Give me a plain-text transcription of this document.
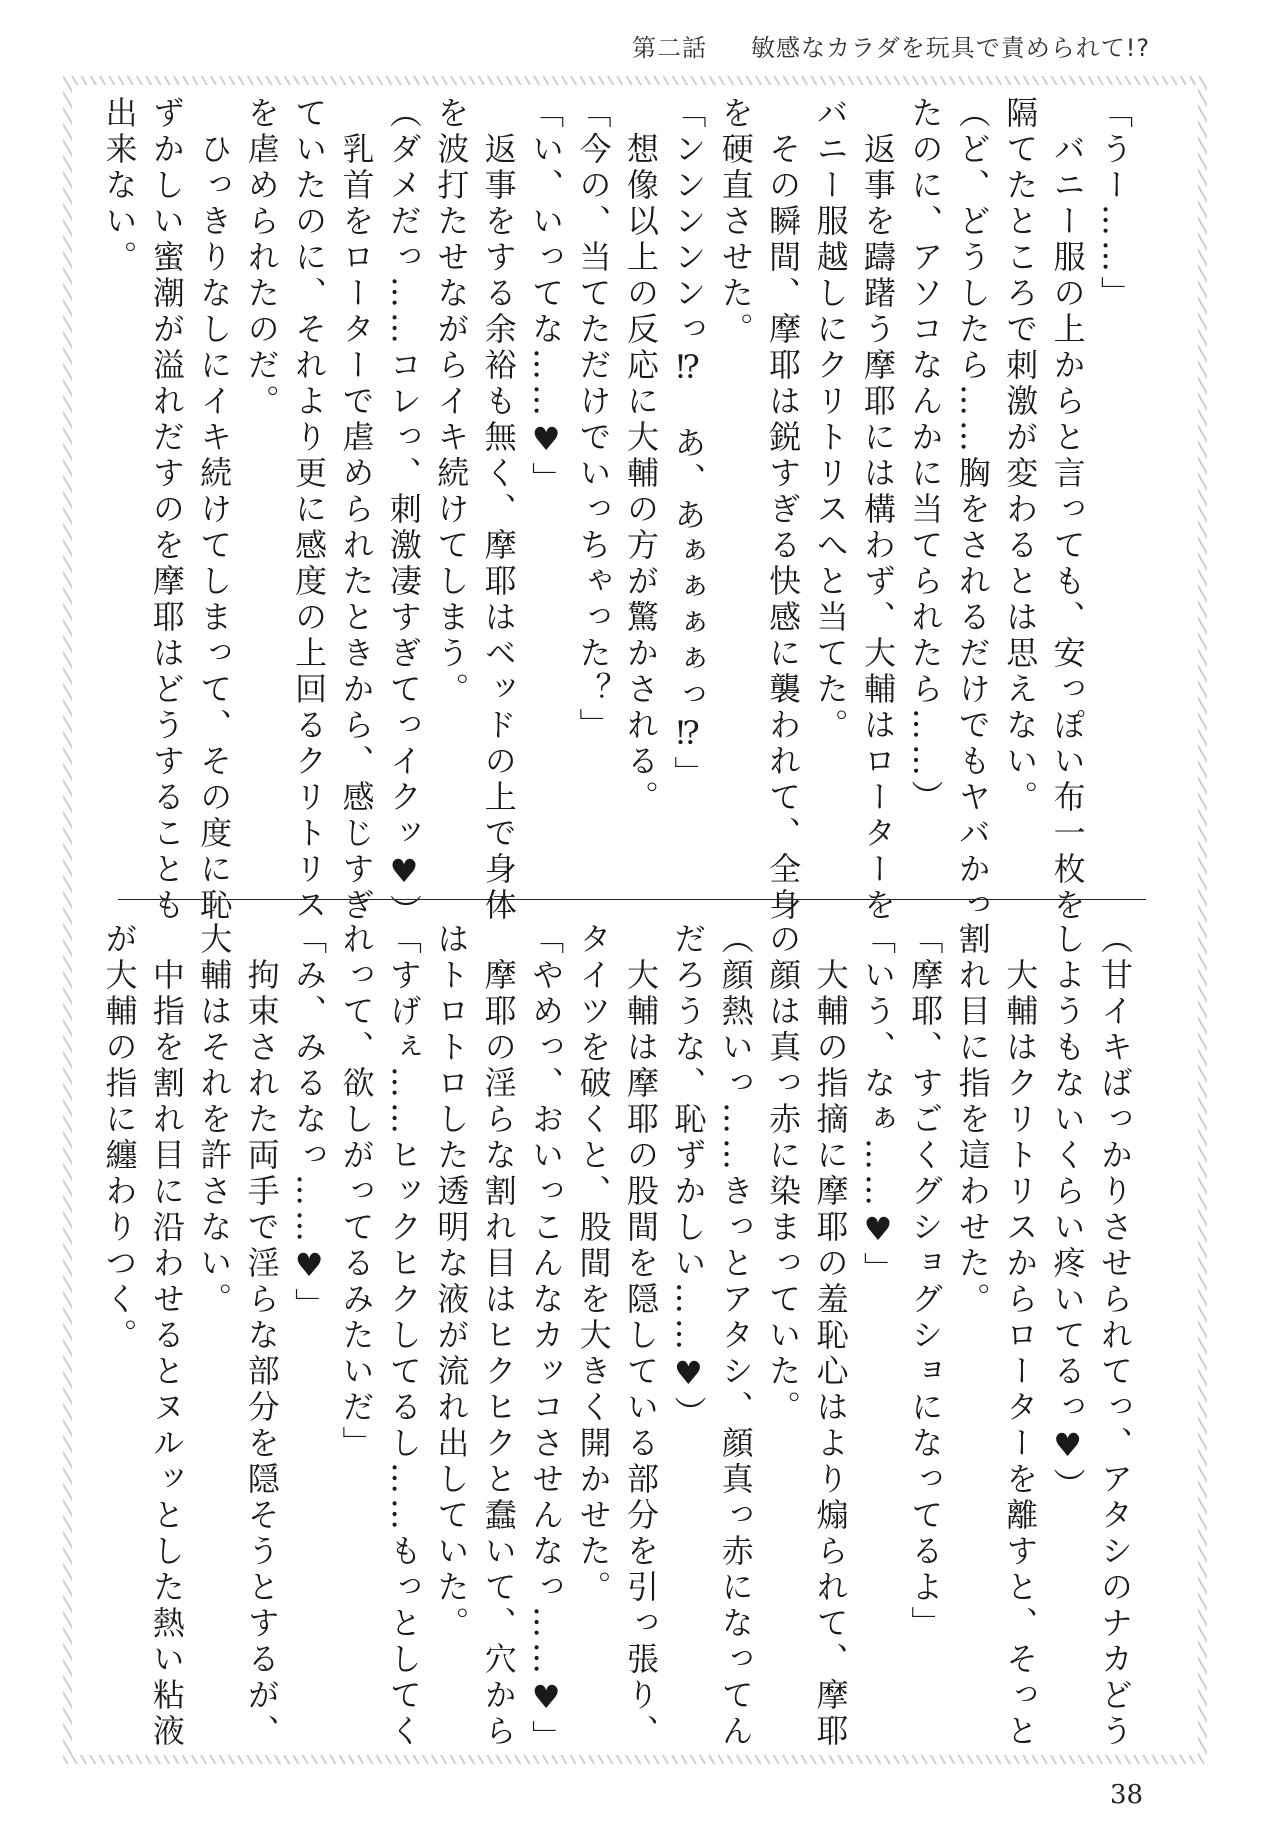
第二話 敏感なカラダを玩具で責められて!?
「うー……」
　バニー服の上からと言っても、安っぽい布一枚を
隔てたところで刺激が変わるとは思えない。
（ど、どうしたら……胸をされるだけでもヤバかっ
たのに、アソコなんかに当てられたら……）
　返事を躊躇う摩耶には構わず、大輔はローターを
バニー服越しにクリトリスへと当てた。
　その瞬間、摩耶は鋭すぎる快感に襲われて、全身
を硬直させた。
「ンンンンンっ⁉　あ、あぁぁぁぁっ⁉」
　想像以上の反応に大輔の方が驚かされる。
「今の、当てただけでいっちゃった？」
「い、いってな……♥」
　返事をする余裕も無く、摩耶はベッドの上で身体
を波打たせながらイキ続けてしまう。
（ダメだっ……コレっ、刺激凄すぎてっイクッ♥）
　乳首をローターで虐められたときから、感じすぎ
ていたのに、それより更に感度の上回るクリトリス
を虐められたのだ。
　ひっきりなしにイキ続けてしまって、その度に恥
ずかしい蜜潮が溢れだすのを摩耶はどうすることも
出来ない。
（甘イキばっかりさせられてっ、アタシのナカどう
しようもないくらい疼いてるっ♥）
　大輔はクリトリスからローターを離すと、そっと
割れ目に指を這わせた。
「摩耶、すごくグショグショになってるよ」
「いう、なぁ……♥」
　大輔の指摘に摩耶の羞恥心はより煽られて、摩耶
の顔は真っ赤に染まっていた。
（顔熱いっ……きっとアタシ、顔真っ赤になってん
だろうな、恥ずかしい……♥）
　大輔は摩耶の股間を隠している部分を引っ張り、
タイツを破くと、股間を大きく開かせた。
「やめっ、おいっこんなカッコさせんなっ……♥」
　摩耶の淫らな割れ目はヒクヒクと蠢いて、穴から
はトロトロした透明な液が流れ出していた。
「すげぇ……ヒックヒクしてるし……もっとしてく
れって、欲しがってるみたいだ」
「み、みるなっ……♥」
　拘束された両手で淫らな部分を隠そうとするが、
大輔はそれを許さない。
　中指を割れ目に沿わせるとヌルッとした熱い粘液
が大輔の指に纏わりつく。
38
